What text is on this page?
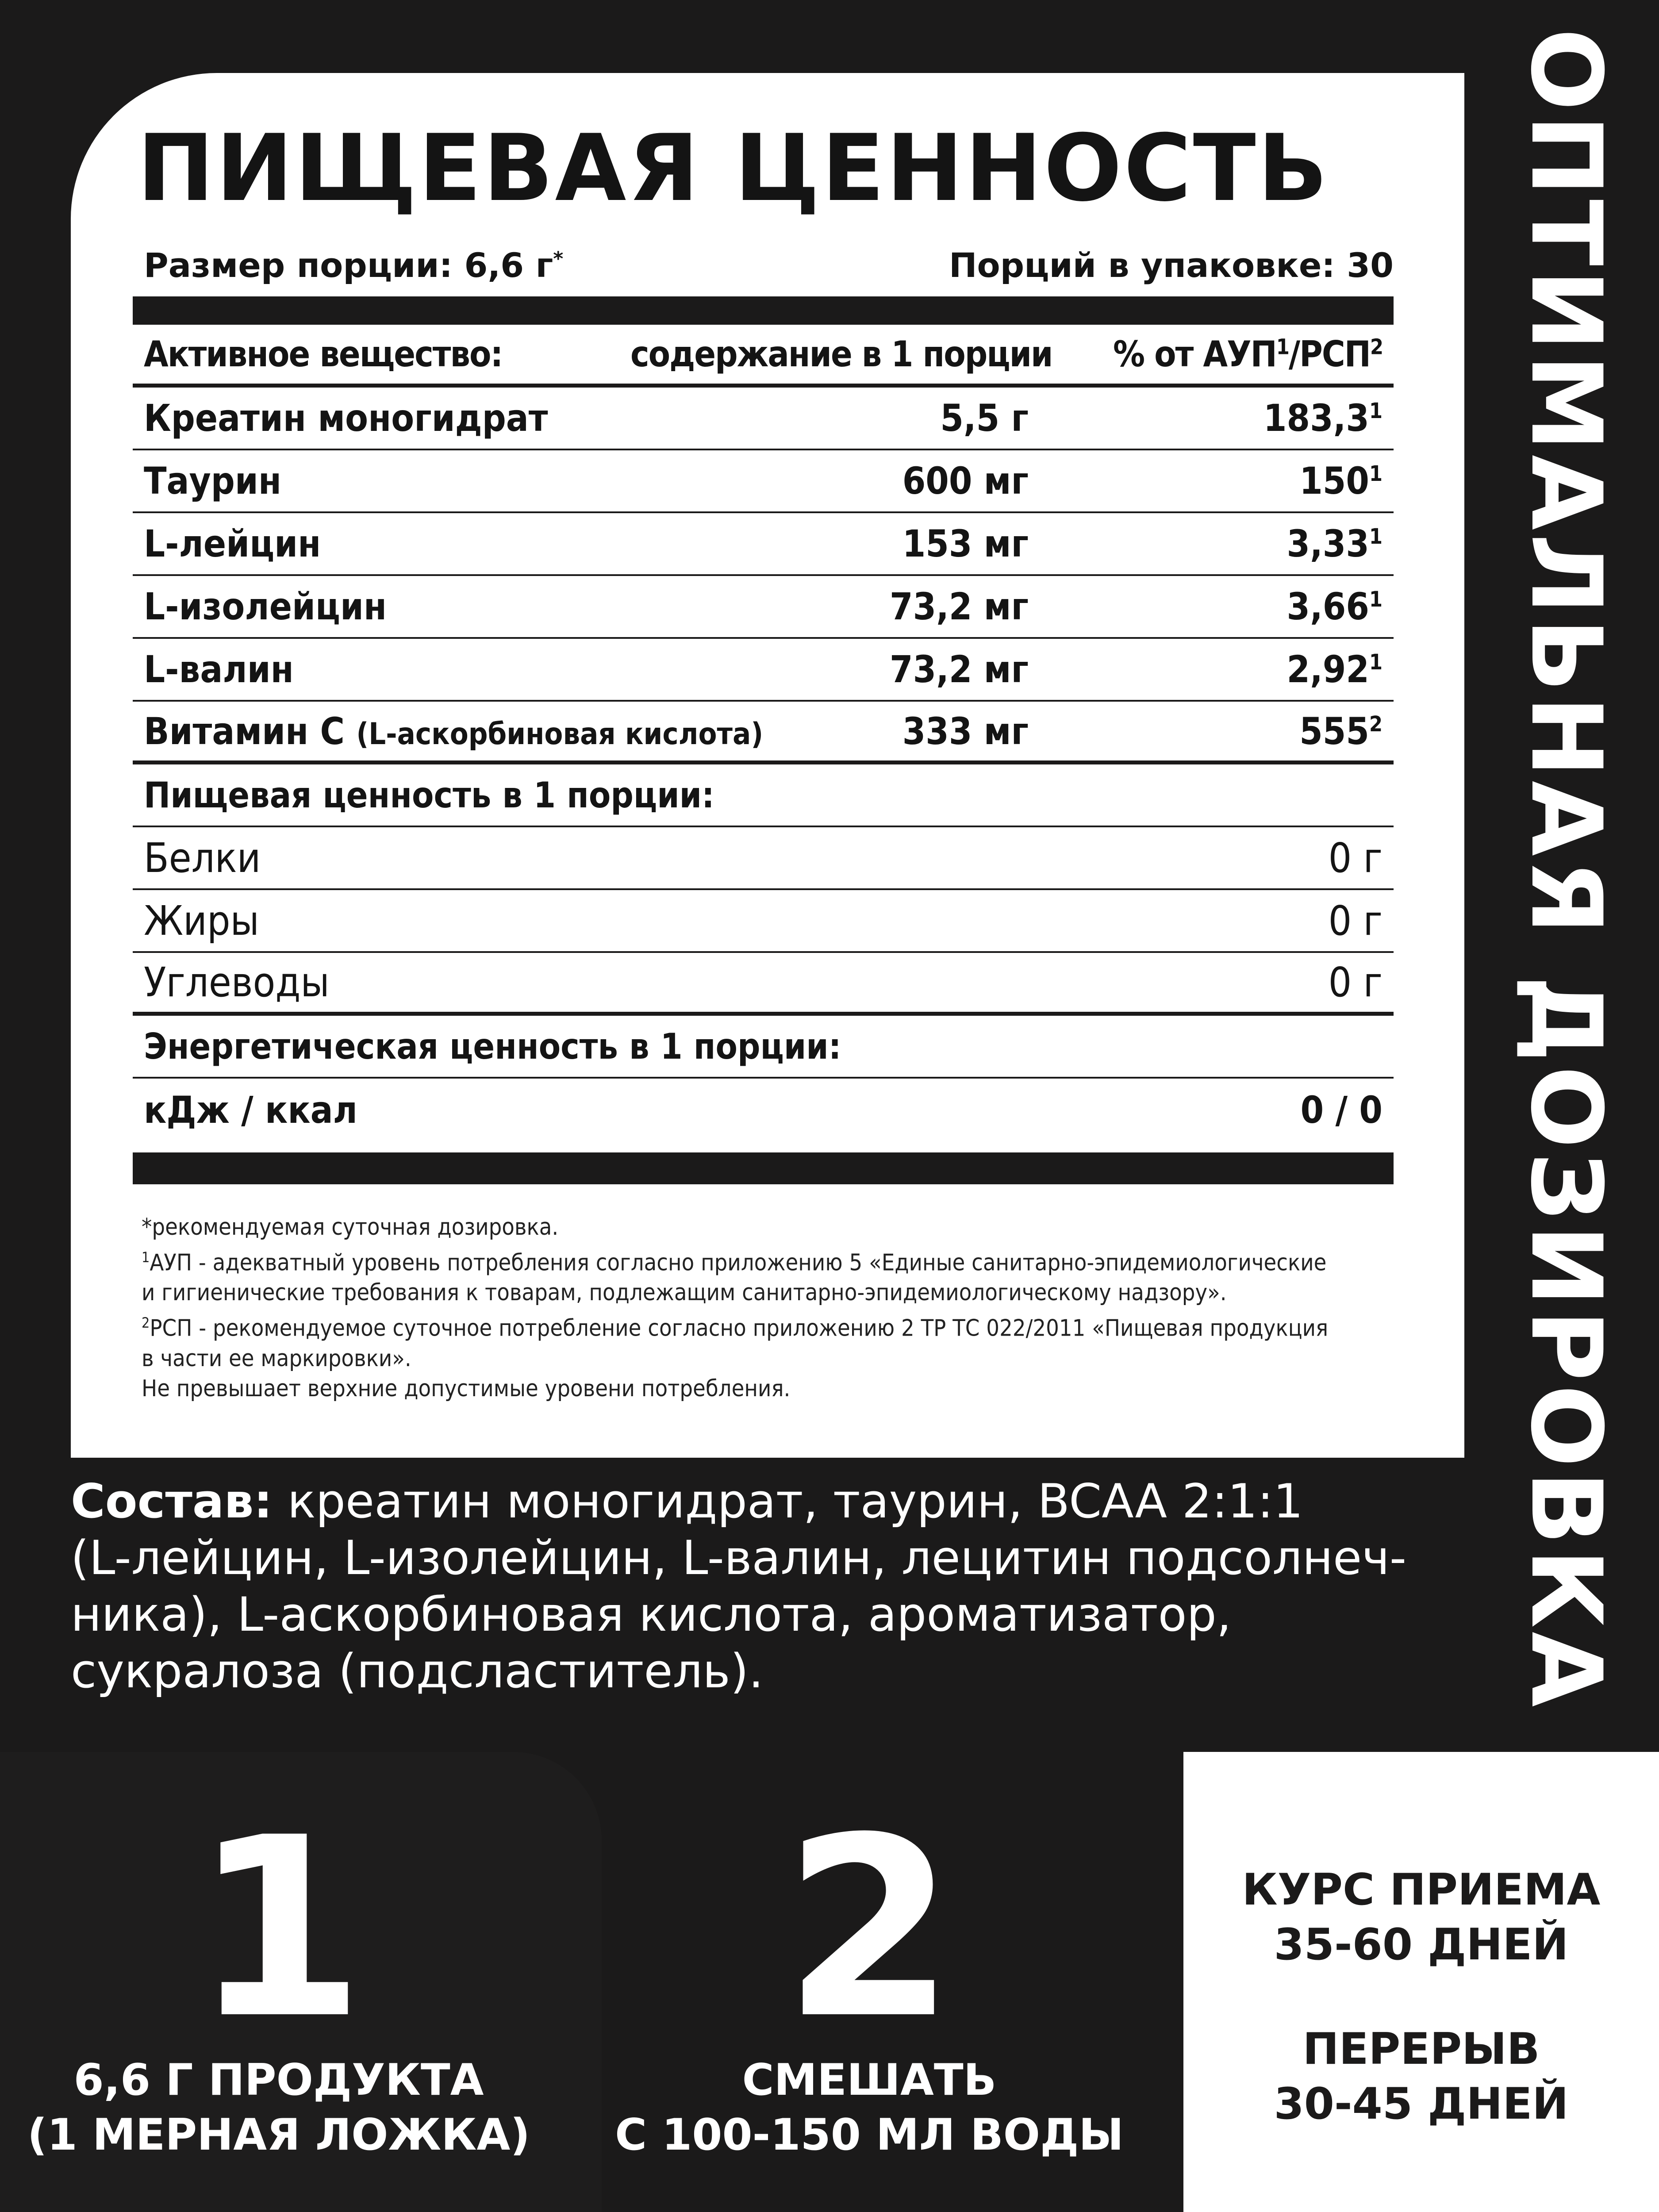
ПИЩЕВАЯ ЦЕННОСТЬ
Размер порции: 6,6 г*	Порций в упаковке: 30
Активное вещество:	содержание в 1 порции	% от АУП$^1$/РСП$^2$
Креатин моногидрат	5,5 г	183,3$^1$
Таурин	600 мг	$150^1$
L-лейцин	153 мг	3,33$^1$
L-изолейцин	73,2 мг	3,66$^1$
L-валин	73,2 мг	2,92$^1$
Витамин С (L-аскорбиновая кислота)	333 мг	$555^2$
Пищевая ценность в 1 порции:
Белки	0 г
Жиры	0 г
Углеводы	0 г
Энергетическая ценность в 1 порции:
кДж / ккал	0 / 0
*рекомендуемая суточная дозировка.
$^1$АУП - адекватный уровень потребления согласно приложению 5 «Единые санитарно-эпидемиологические
и гигиенические требования к товарам, подлежащим санитарно-эпидемиологическому надзору».
$^2$РСП - рекомендуемое суточное потребление согласно приложению 2 ТР ТС 022/2011 «Пищевая продукция
в части ее маркировки».
Не превышает верхние допустимые уровени потребления.	ОПТИМАЛЬНАЯ ДОЗИРОВКА
Состав: креатин моногидрат, таурин, BCAA 2:1:1
(L-лейцин, L-изолейцин, L-валин, лецитин подсолнеч-
ника), L-аскорбиновая кислота, ароматизатор,
сукралоза (подсластитель).
КУРС ПРИЕМА
35-60 ДНЕЙ
ПЕРЕРЫВ
30-45 ДНЕЙ
2
СМЕШАТЬ
С 100-150 МЛ ВОДЫ
1
6,6 Г ПРОДУКТА
(1 МЕРНАЯ ЛОЖКА)
